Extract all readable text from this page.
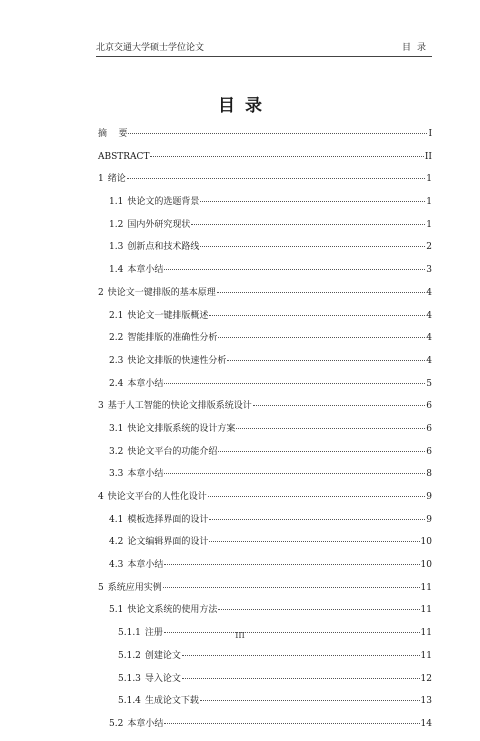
北京交通大学硕士学位论文	目录
目录
摘    要	I
ABSTRACT	II
1 绪论	1
1.1 快论文的选题背景	1
1.2 国内外研究现状	1
1.3 创新点和技术路线	2
1.4 本章小结	3
2 快论文一键排版的基本原理	4
2.1 快论文一键排版概述	4
2.2 智能排版的准确性分析	4
2.3 快论文排版的快速性分析	4
2.4 本章小结	5
3 基于人工智能的快论文排版系统设计	6
3.1 快论文排版系统的设计方案	6
3.2 快论文平台的功能介绍	6
3.3 本章小结	8
4 快论文平台的人性化设计	9
4.1 模板选择界面的设计	9
4.2 论文编辑界面的设计	10
4.3 本章小结	10
5 系统应用实例	11
5.1 快论文系统的使用方法	11
5.1.1 注册	11
5.1.2 创建论文	11
5.1.3 导入论文	12
5.1.4 生成论文下载	13
5.2 本章小结	14
III
